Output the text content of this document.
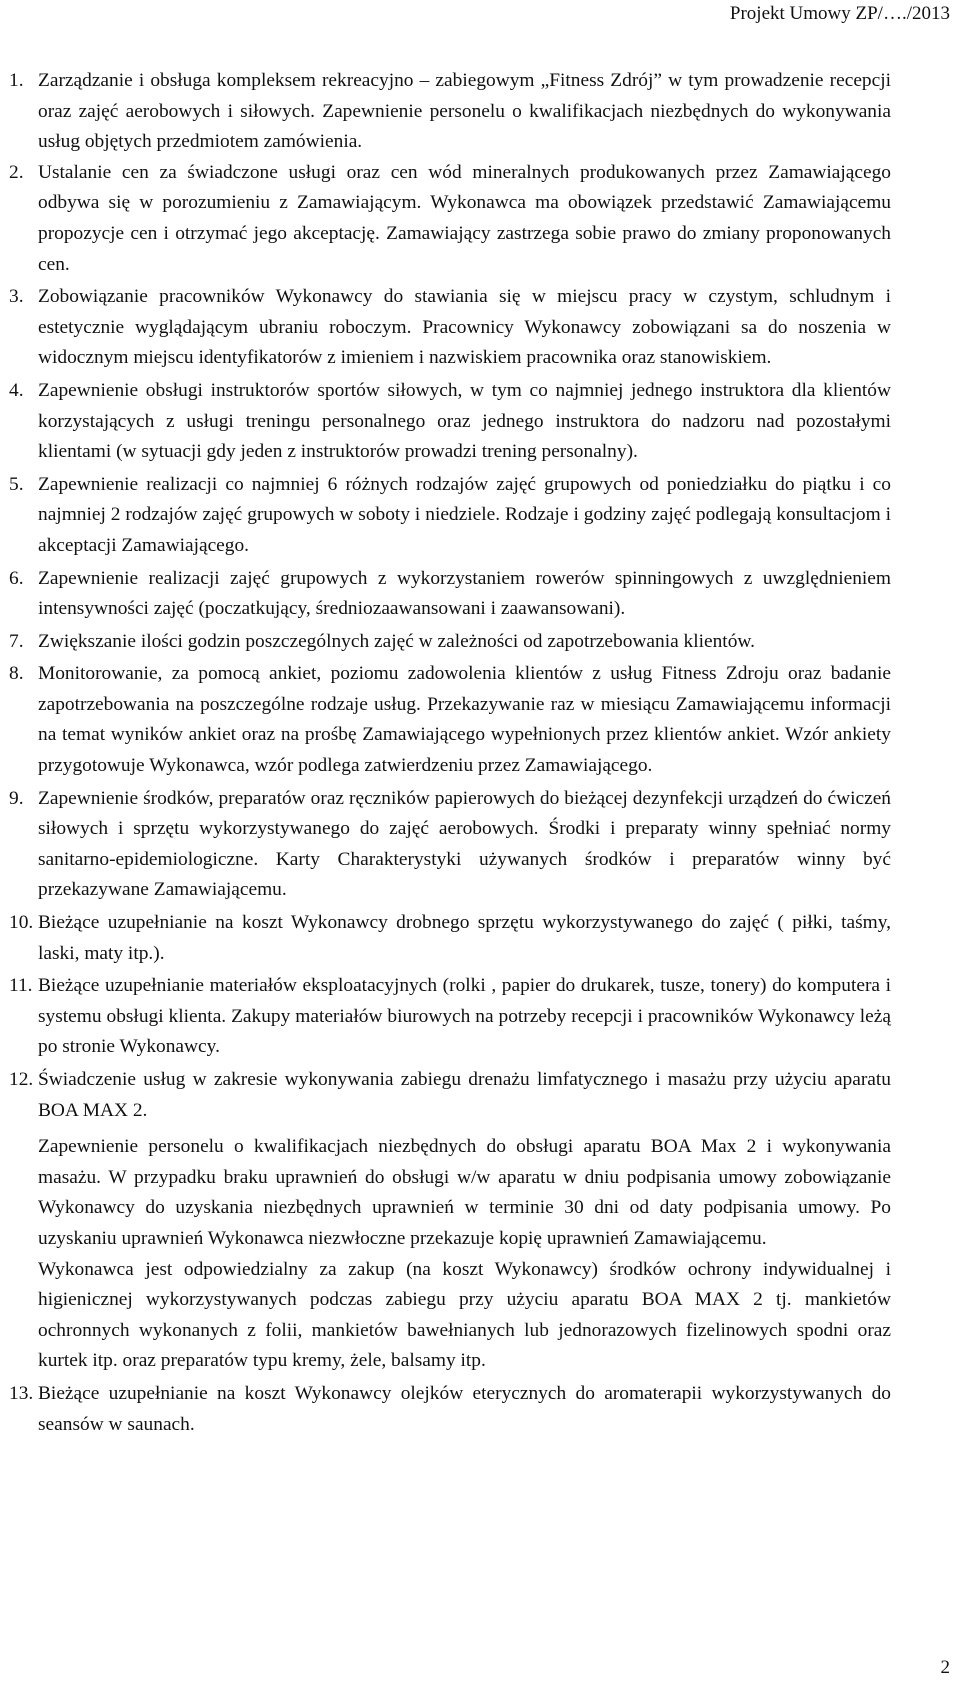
Projekt Umowy ZP/…./2013
1. Zarządzanie i obsługa kompleksem rekreacyjno – zabiegowym „Fitness Zdrój” w tym prowadzenie recepcji oraz zajęć aerobowych i siłowych. Zapewnienie personelu o kwalifikacjach niezbędnych do wykonywania usług objętych przedmiotem zamówienia.
2. Ustalanie cen za świadczone usługi oraz cen wód mineralnych produkowanych przez Zamawiającego odbywa się w porozumieniu z Zamawiającym. Wykonawca ma obowiązek przedstawić Zamawiającemu propozycje cen i otrzymać jego akceptację. Zamawiający zastrzega sobie prawo do zmiany proponowanych cen.
3. Zobowiązanie pracowników Wykonawcy do stawiania się w miejscu pracy w czystym, schludnym i estetycznie wyglądającym ubraniu roboczym. Pracownicy Wykonawcy zobowiązani sa do noszenia w widocznym miejscu identyfikatorów z imieniem i nazwiskiem pracownika oraz stanowiskiem.
4. Zapewnienie obsługi instruktorów sportów siłowych, w tym co najmniej jednego instruktora dla klientów korzystających z usługi treningu personalnego oraz jednego instruktora do nadzoru nad pozostałymi klientami (w sytuacji gdy jeden z instruktorów prowadzi trening personalny).
5. Zapewnienie realizacji co najmniej 6 różnych rodzajów zajęć grupowych od poniedziałku do piątku i co najmniej 2 rodzajów zajęć grupowych w soboty i niedziele. Rodzaje i godziny zajęć podlegają konsultacjom i akceptacji Zamawiającego.
6. Zapewnienie realizacji zajęć grupowych z wykorzystaniem rowerów spinningowych z uwzględnieniem intensywności zajęć (poczatkujący, średniozaawansowani i zaawansowani).
7. Zwiększanie ilości godzin poszczególnych zajęć w zależności od zapotrzebowania klientów.
8. Monitorowanie, za pomocą ankiet, poziomu zadowolenia klientów z usług Fitness Zdroju oraz badanie zapotrzebowania na poszczególne rodzaje usług. Przekazywanie raz w miesiącu Zamawiającemu informacji na temat wyników ankiet oraz na prośbę Zamawiającego wypełnionych przez klientów ankiet. Wzór ankiety przygotowuje Wykonawca, wzór podlega zatwierdzeniu przez Zamawiającego.
9. Zapewnienie środków, preparatów oraz ręczników papierowych do bieżącej dezynfekcji urządzeń do ćwiczeń siłowych i sprzętu wykorzystywanego do zajęć aerobowych. Środki i preparaty winny spełniać normy sanitarno-epidemiologiczne. Karty Charakterystyki używanych środków i preparatów winny być przekazywane Zamawiającemu.
10. Bieżące uzupełnianie na koszt Wykonawcy drobnego sprzętu wykorzystywanego do zajęć ( piłki, taśmy, laski, maty itp.).
11. Bieżące uzupełnianie materiałów eksploatacyjnych (rolki , papier do drukarek, tusze, tonery) do komputera i systemu obsługi klienta. Zakupy materiałów biurowych na potrzeby recepcji i pracowników Wykonawcy leżą po stronie Wykonawcy.
12. Świadczenie usług w zakresie wykonywania zabiegu drenażu limfatycznego i masażu przy użyciu aparatu BOA MAX 2.
Zapewnienie personelu o kwalifikacjach niezbędnych do obsługi aparatu BOA Max 2 i wykonywania masażu. W przypadku braku uprawnień do obsługi w/w aparatu w dniu podpisania umowy zobowiązanie Wykonawcy do uzyskania niezbędnych uprawnień w terminie 30 dni od daty podpisania umowy. Po uzyskaniu uprawnień Wykonawca niezwłoczne przekazuje kopię uprawnień Zamawiającemu.
Wykonawca jest odpowiedzialny za zakup (na koszt Wykonawcy) środków ochrony indywidualnej i higienicznej wykorzystywanych podczas zabiegu przy użyciu aparatu BOA MAX 2 tj. mankietów ochronnych wykonanych z folii, mankietów bawełnianych lub jednorazowych fizelinowych spodni oraz kurtek itp. oraz preparatów typu kremy, żele, balsamy itp.
13. Bieżące uzupełnianie na koszt Wykonawcy olejków eterycznych do aromaterapii wykorzystywanych do seansów w saunach.
2
